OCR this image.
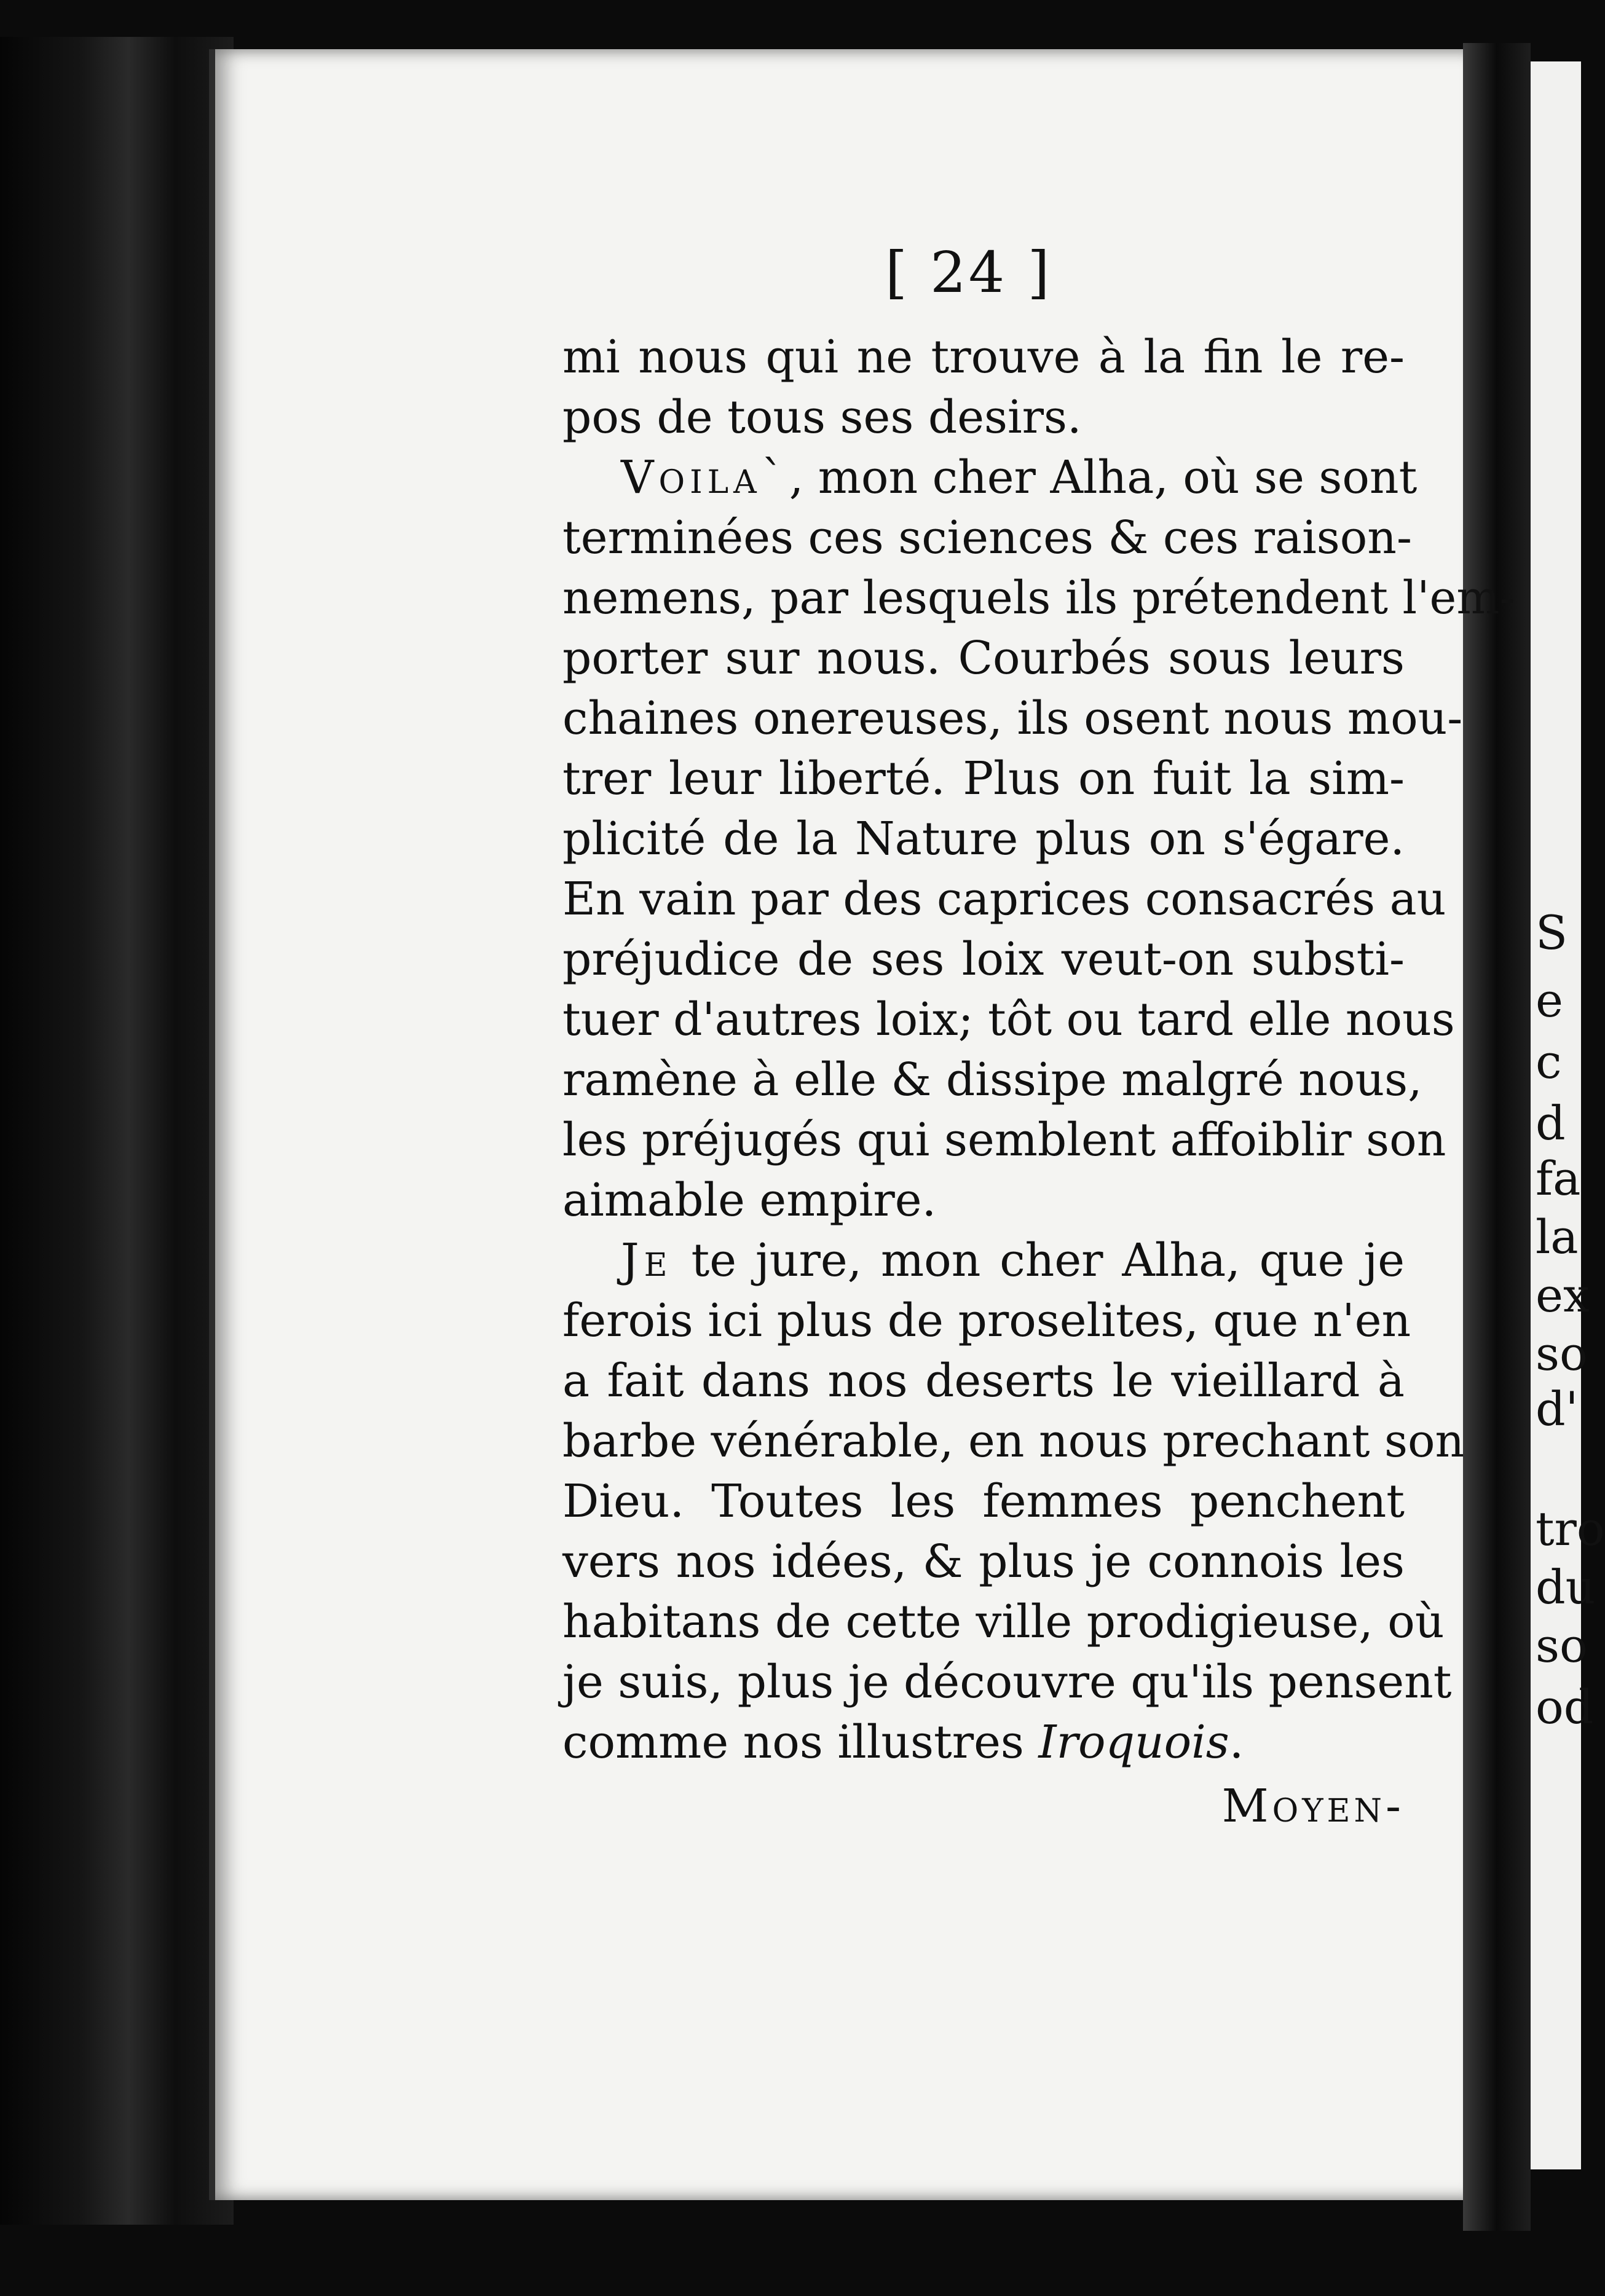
S
e
c
d
fa
la
ex
so
d'
tro
du
so
od
[ 24 ]
mi nous qui ne trouve à la fin le re-
pos de tous ses desirs.
Voila`, mon cher Alha, où se sont
terminées ces sciences & ces raison-
nemens, par lesquels ils prétendent l'em-
porter sur nous. Courbés sous leurs
chaines onereuses, ils osent nous mou-
trer leur liberté. Plus on fuit la sim-
plicité de la Nature plus on s'égare.
En vain par des caprices consacrés au
préjudice de ses loix veut-on substi-
tuer d'autres loix; tôt ou tard elle nous
ramène à elle & dissipe malgré nous,
les préjugés qui semblent affoiblir son
aimable empire.
Je te jure, mon cher Alha, que je
ferois ici plus de proselites, que n'en
a fait dans nos deserts le vieillard à
barbe vénérable, en nous prechant son
Dieu. Toutes les femmes penchent
vers nos idées, & plus je connois les
habitans de cette ville prodigieuse, où
je suis, plus je découvre qu'ils pensent
comme nos illustres Iroquois.
Moyen-
